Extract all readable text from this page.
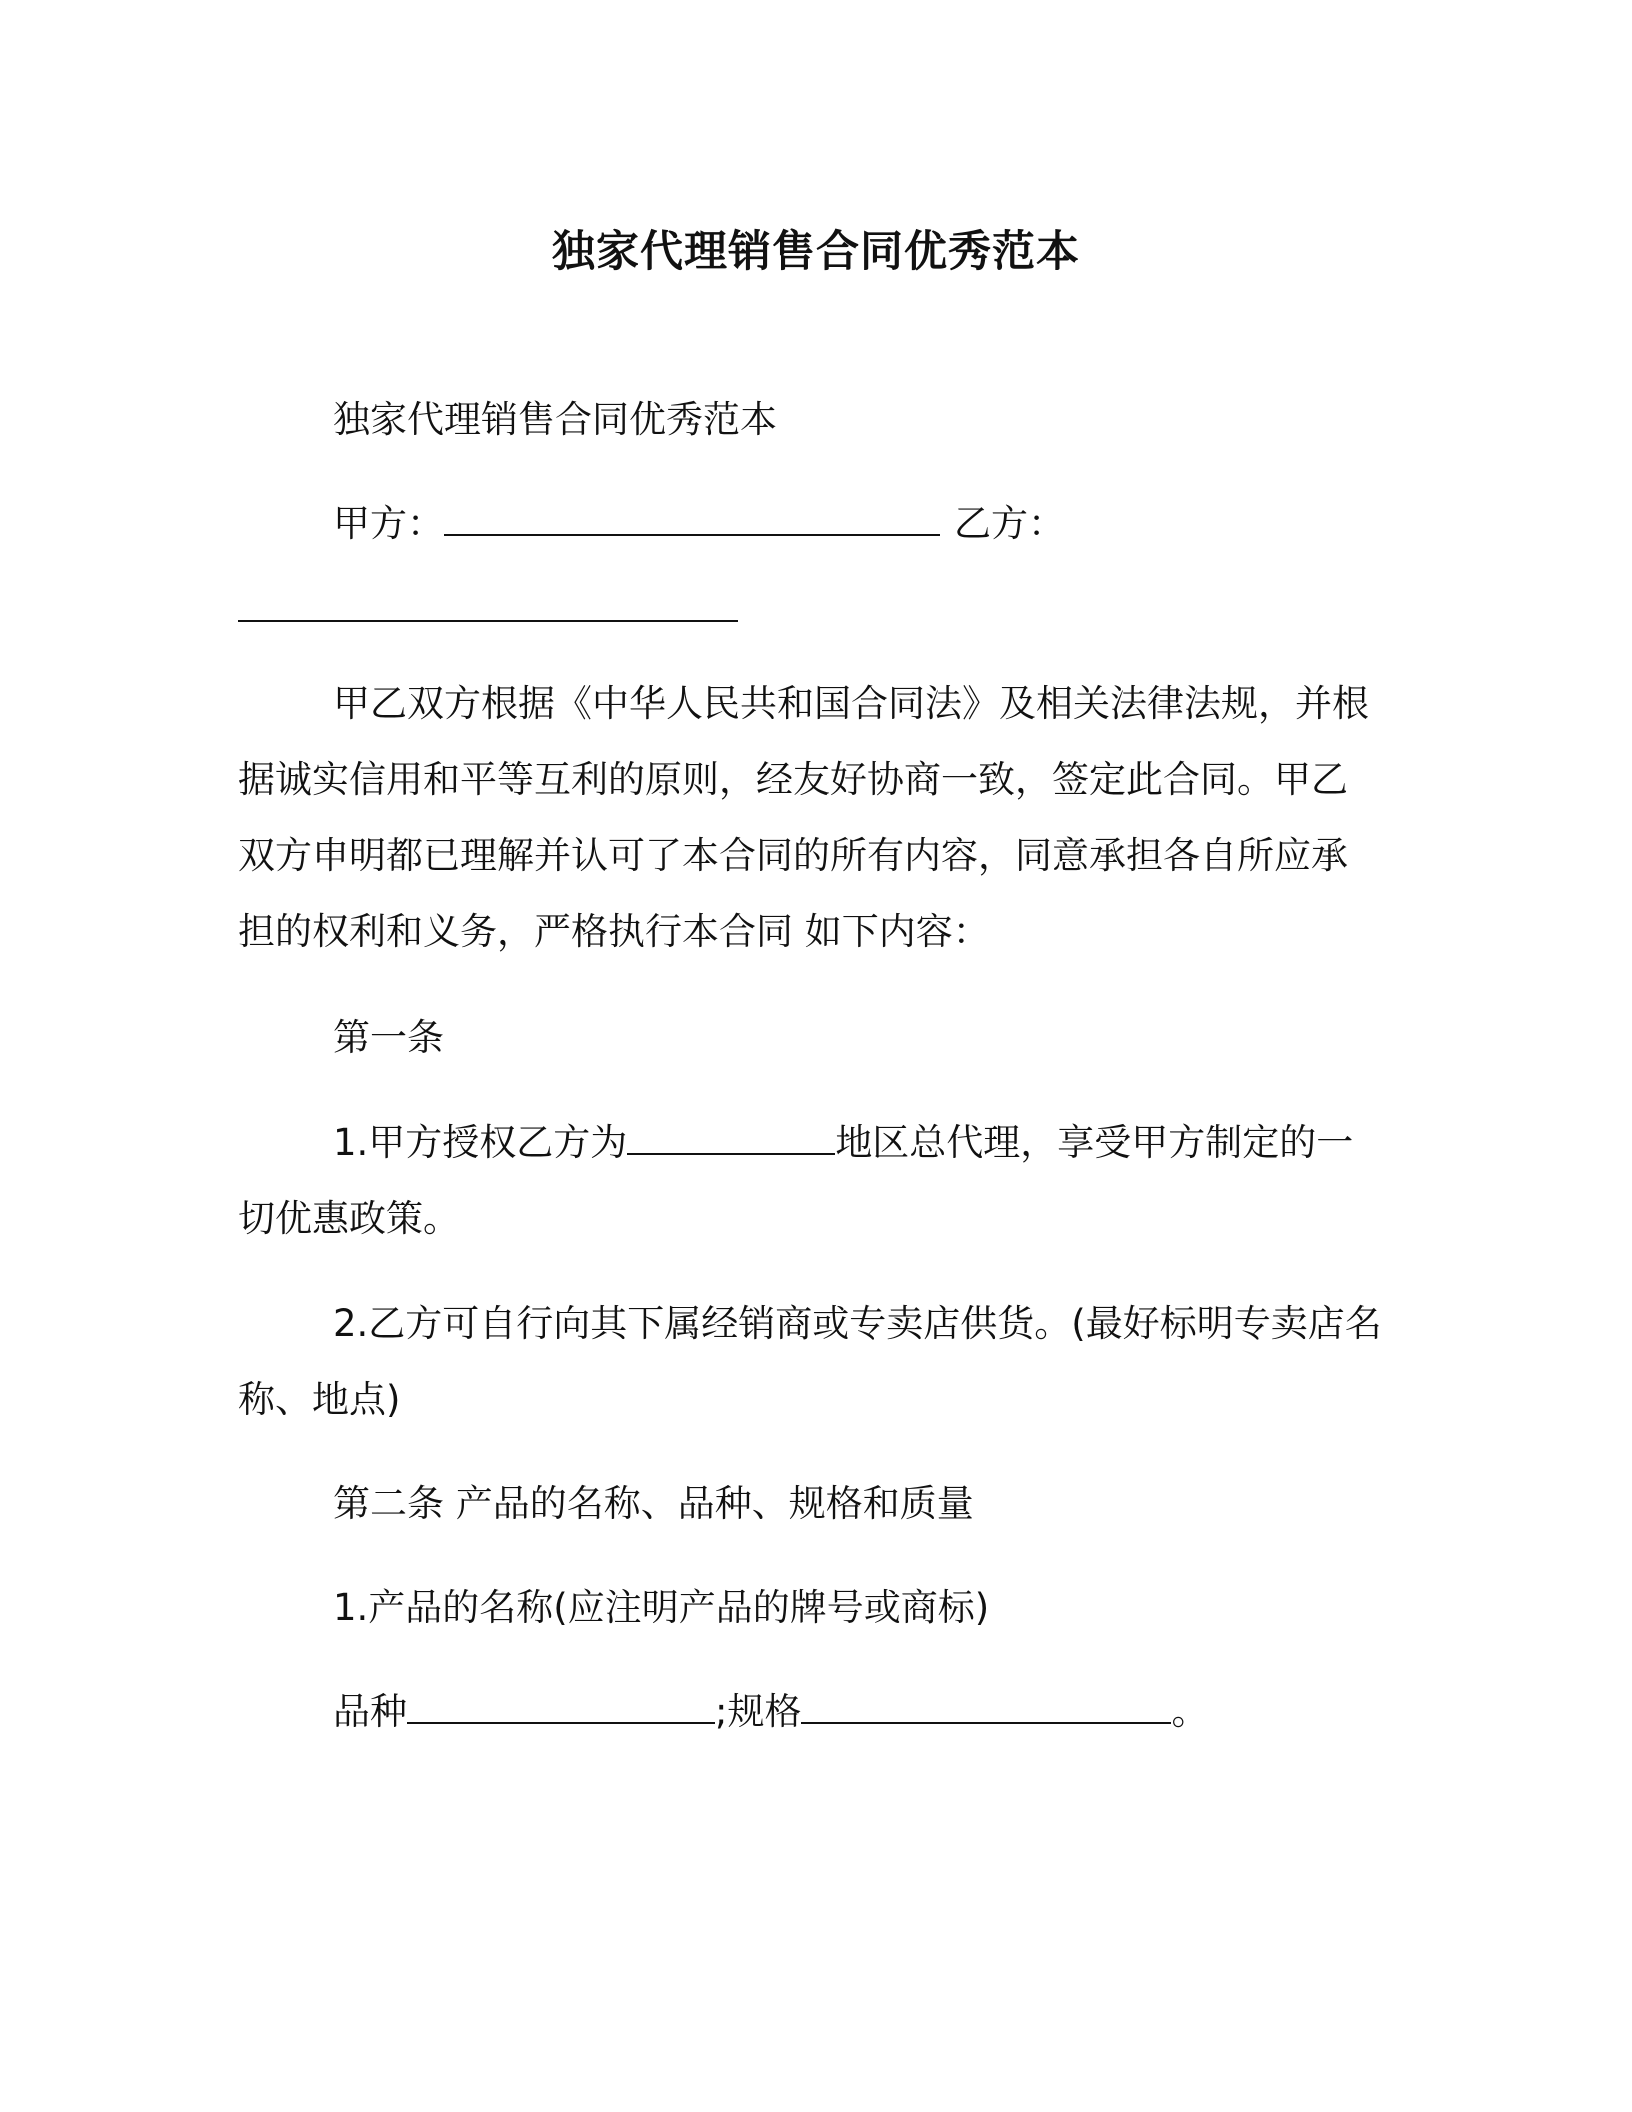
独家代理销售合同优秀范本
独家代理销售合同优秀范本
甲方：	乙方：
甲乙双方根据《中华人民共和国合同法》及相关法律法规，并根
据诚实信用和平等互利的原则，经友好协商一致，签定此合同。甲乙
双方申明都已理解并认可了本合同的所有内容，同意承担各自所应承
担的权利和义务，严格执行本合同 如下内容：
第一条
1.甲方授权乙方为	地区总代理，享受甲方制定的一
切优惠政策。
2.乙方可自行向其下属经销商或专卖店供货。(最好标明专卖店名
称、地点)
第二条 产品的名称、品种、规格和质量
1.产品的名称(应注明产品的牌号或商标)
品种	;规格	。
